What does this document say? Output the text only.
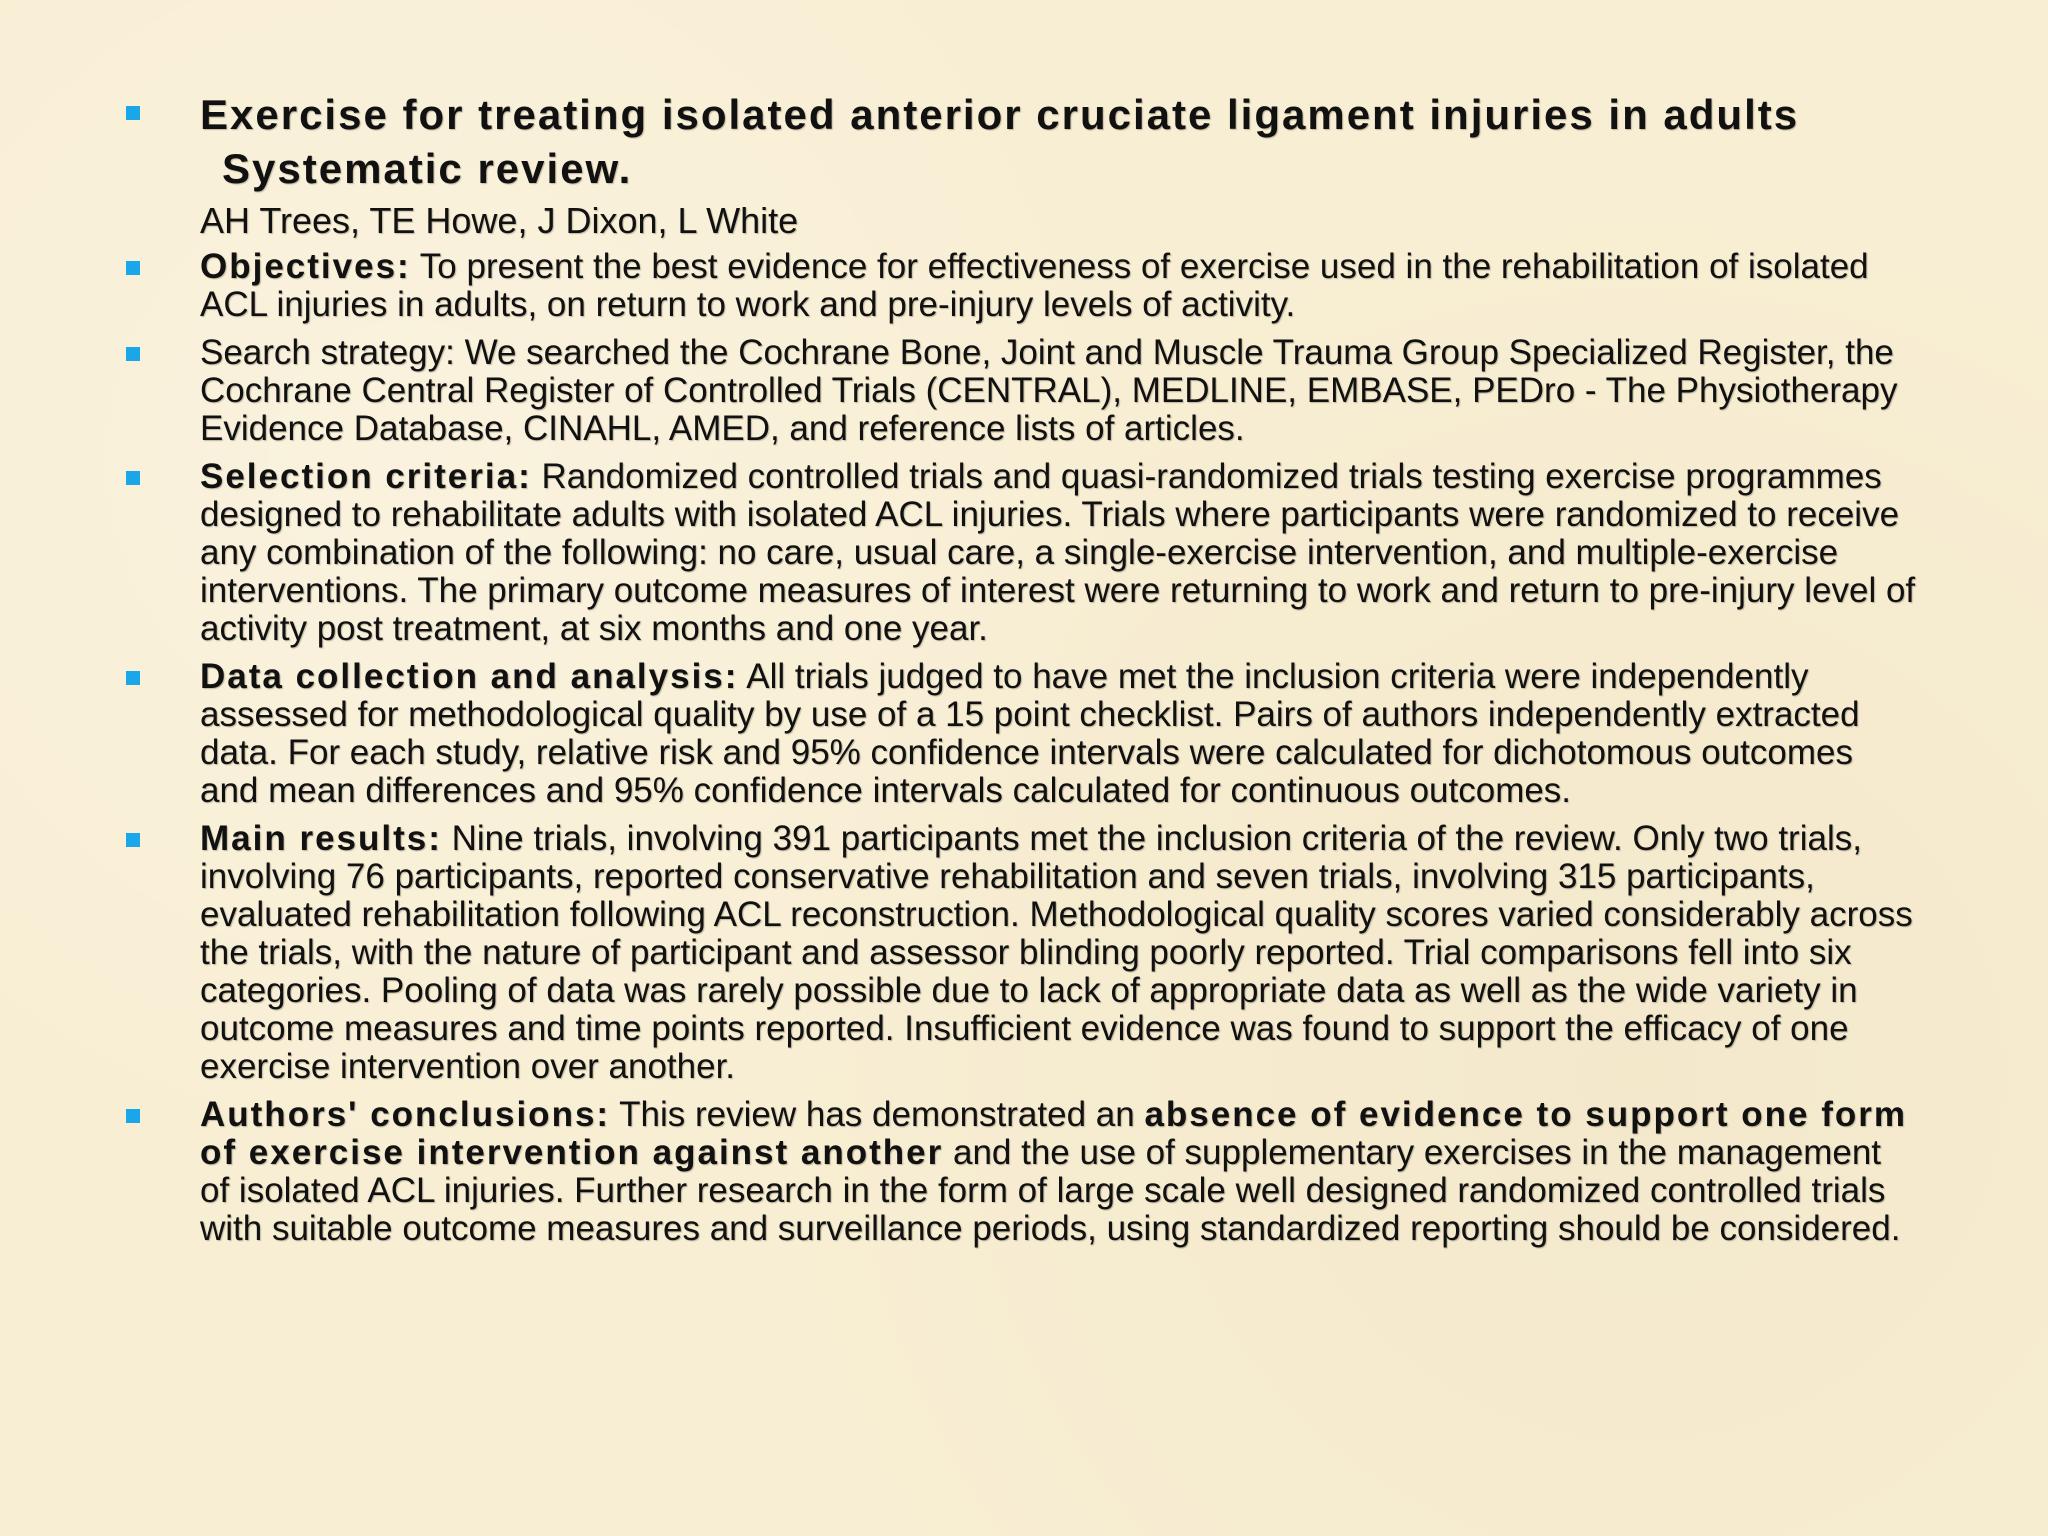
Exercise for treating isolated anterior cruciate ligament injuries in adults
Systematic review.
AH Trees, TE Howe, J Dixon, L White
Objectives: To present the best evidence for effectiveness of exercise used in the rehabilitation of isolated ACL injuries in adults, on return to work and pre-injury levels of activity.
Search strategy: We searched the Cochrane Bone, Joint and Muscle Trauma Group Specialized Register, the Cochrane Central Register of Controlled Trials (CENTRAL), MEDLINE, EMBASE, PEDro - The Physiotherapy Evidence Database, CINAHL, AMED, and reference lists of articles.
Selection criteria: Randomized controlled trials and quasi-randomized trials testing exercise programmes designed to rehabilitate adults with isolated ACL injuries. Trials where participants were randomized to receive any combination of the following: no care, usual care, a single-exercise intervention, and multiple-exercise interventions. The primary outcome measures of interest were returning to work and return to pre-injury level of activity post treatment, at six months and one year.
Data collection and analysis: All trials judged to have met the inclusion criteria were independently assessed for methodological quality by use of a 15 point checklist. Pairs of authors independently extracted data. For each study, relative risk and 95% confidence intervals were calculated for dichotomous outcomes and mean differences and 95% confidence intervals calculated for continuous outcomes.
Main results: Nine trials, involving 391 participants met the inclusion criteria of the review. Only two trials, involving 76 participants, reported conservative rehabilitation and seven trials, involving 315 participants, evaluated rehabilitation following ACL reconstruction. Methodological quality scores varied considerably across the trials, with the nature of participant and assessor blinding poorly reported. Trial comparisons fell into six categories. Pooling of data was rarely possible due to lack of appropriate data as well as the wide variety in outcome measures and time points reported. Insufficient evidence was found to support the efficacy of one exercise intervention over another.
Authors' conclusions: This review has demonstrated an absence of evidence to support one form of exercise intervention against another and the use of supplementary exercises in the management of isolated ACL injuries. Further research in the form of large scale well designed randomized controlled trials with suitable outcome measures and surveillance periods, using standardized reporting should be considered.
